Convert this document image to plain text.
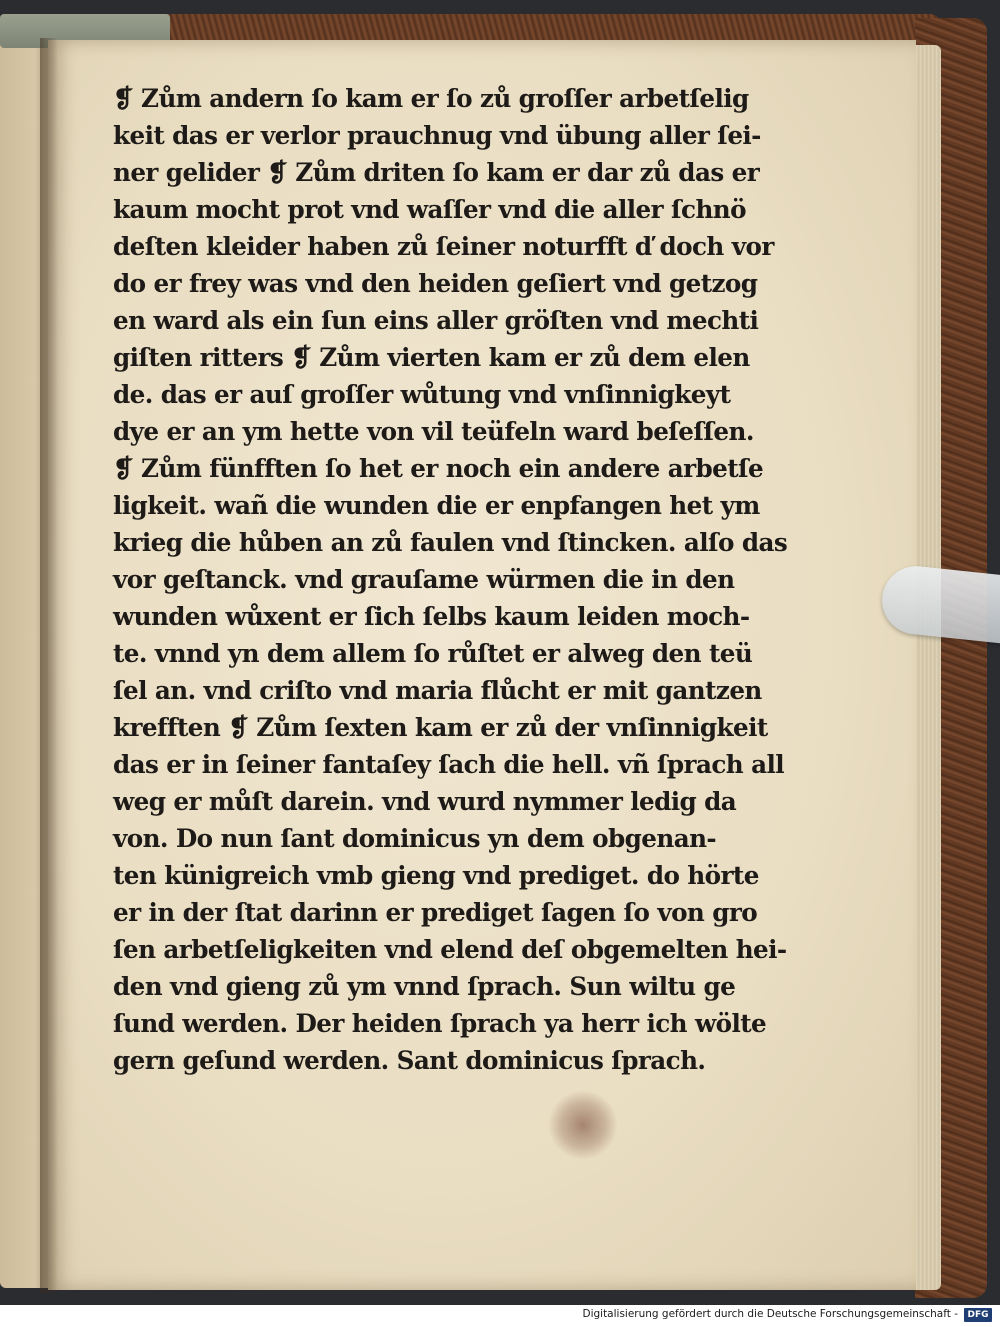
❡ Zům andern ſo kam er ſo zů groſſer arbetſelig
keit das er verlor prauchnug vnd übung aller ſei-
ner gelider ❡ Zům driten ſo kam er dar zů das er
kaum mocht prot vnd waſſer vnd die aller ſchnö
deſten kleider haben zů ſeiner noturfft ď doch vor
do er frey was vnd den heiden geſiert vnd getzog
en ward als ein ſun eins aller gröſten vnd mechti
giſten ritters ❡ Zům vierten kam er zů dem elen
de. das er auſ groſſer wůtung vnd vnſinnigkeyt
dye er an ym hette von vil teüfeln ward beſeſſen.
❡ Zům fünfften ſo het er noch ein andere arbetſe
ligkeit. wañ die wunden die er enpfangen het ym
krieg die hůben an zů faulen vnd ſtincken. alſo das
vor geſtanck. vnd grauſame würmen die in den
wunden wůxent er ſich ſelbs kaum leiden moch-
te. vnnd yn dem allem ſo růſtet er alweg den teü
ſel an. vnd criſto vnd maria flůcht er mit gantzen
krefften ❡ Zům ſexten kam er zů der vnſinnigkeit
das er in ſeiner fantaſey ſach die hell. vñ ſprach all
weg er můſt darein. vnd wurd nymmer ledig da
von. Do nun ſant dominicus yn dem obgenan-
ten künigreich vmb gieng vnd prediget. do hörte
er in der ſtat darinn er prediget ſagen ſo von gro
ſen arbetſeligkeiten vnd elend deſ obgemelten hei-
den vnd gieng zů ym vnnd ſprach. Sun wiltu ge
ſund werden. Der heiden ſprach ya herr ich wölte
gern geſund werden. Sant dominicus ſprach.
Digitalisierung gefördert durch die Deutsche Forschungsgemeinschaft -	DFG
